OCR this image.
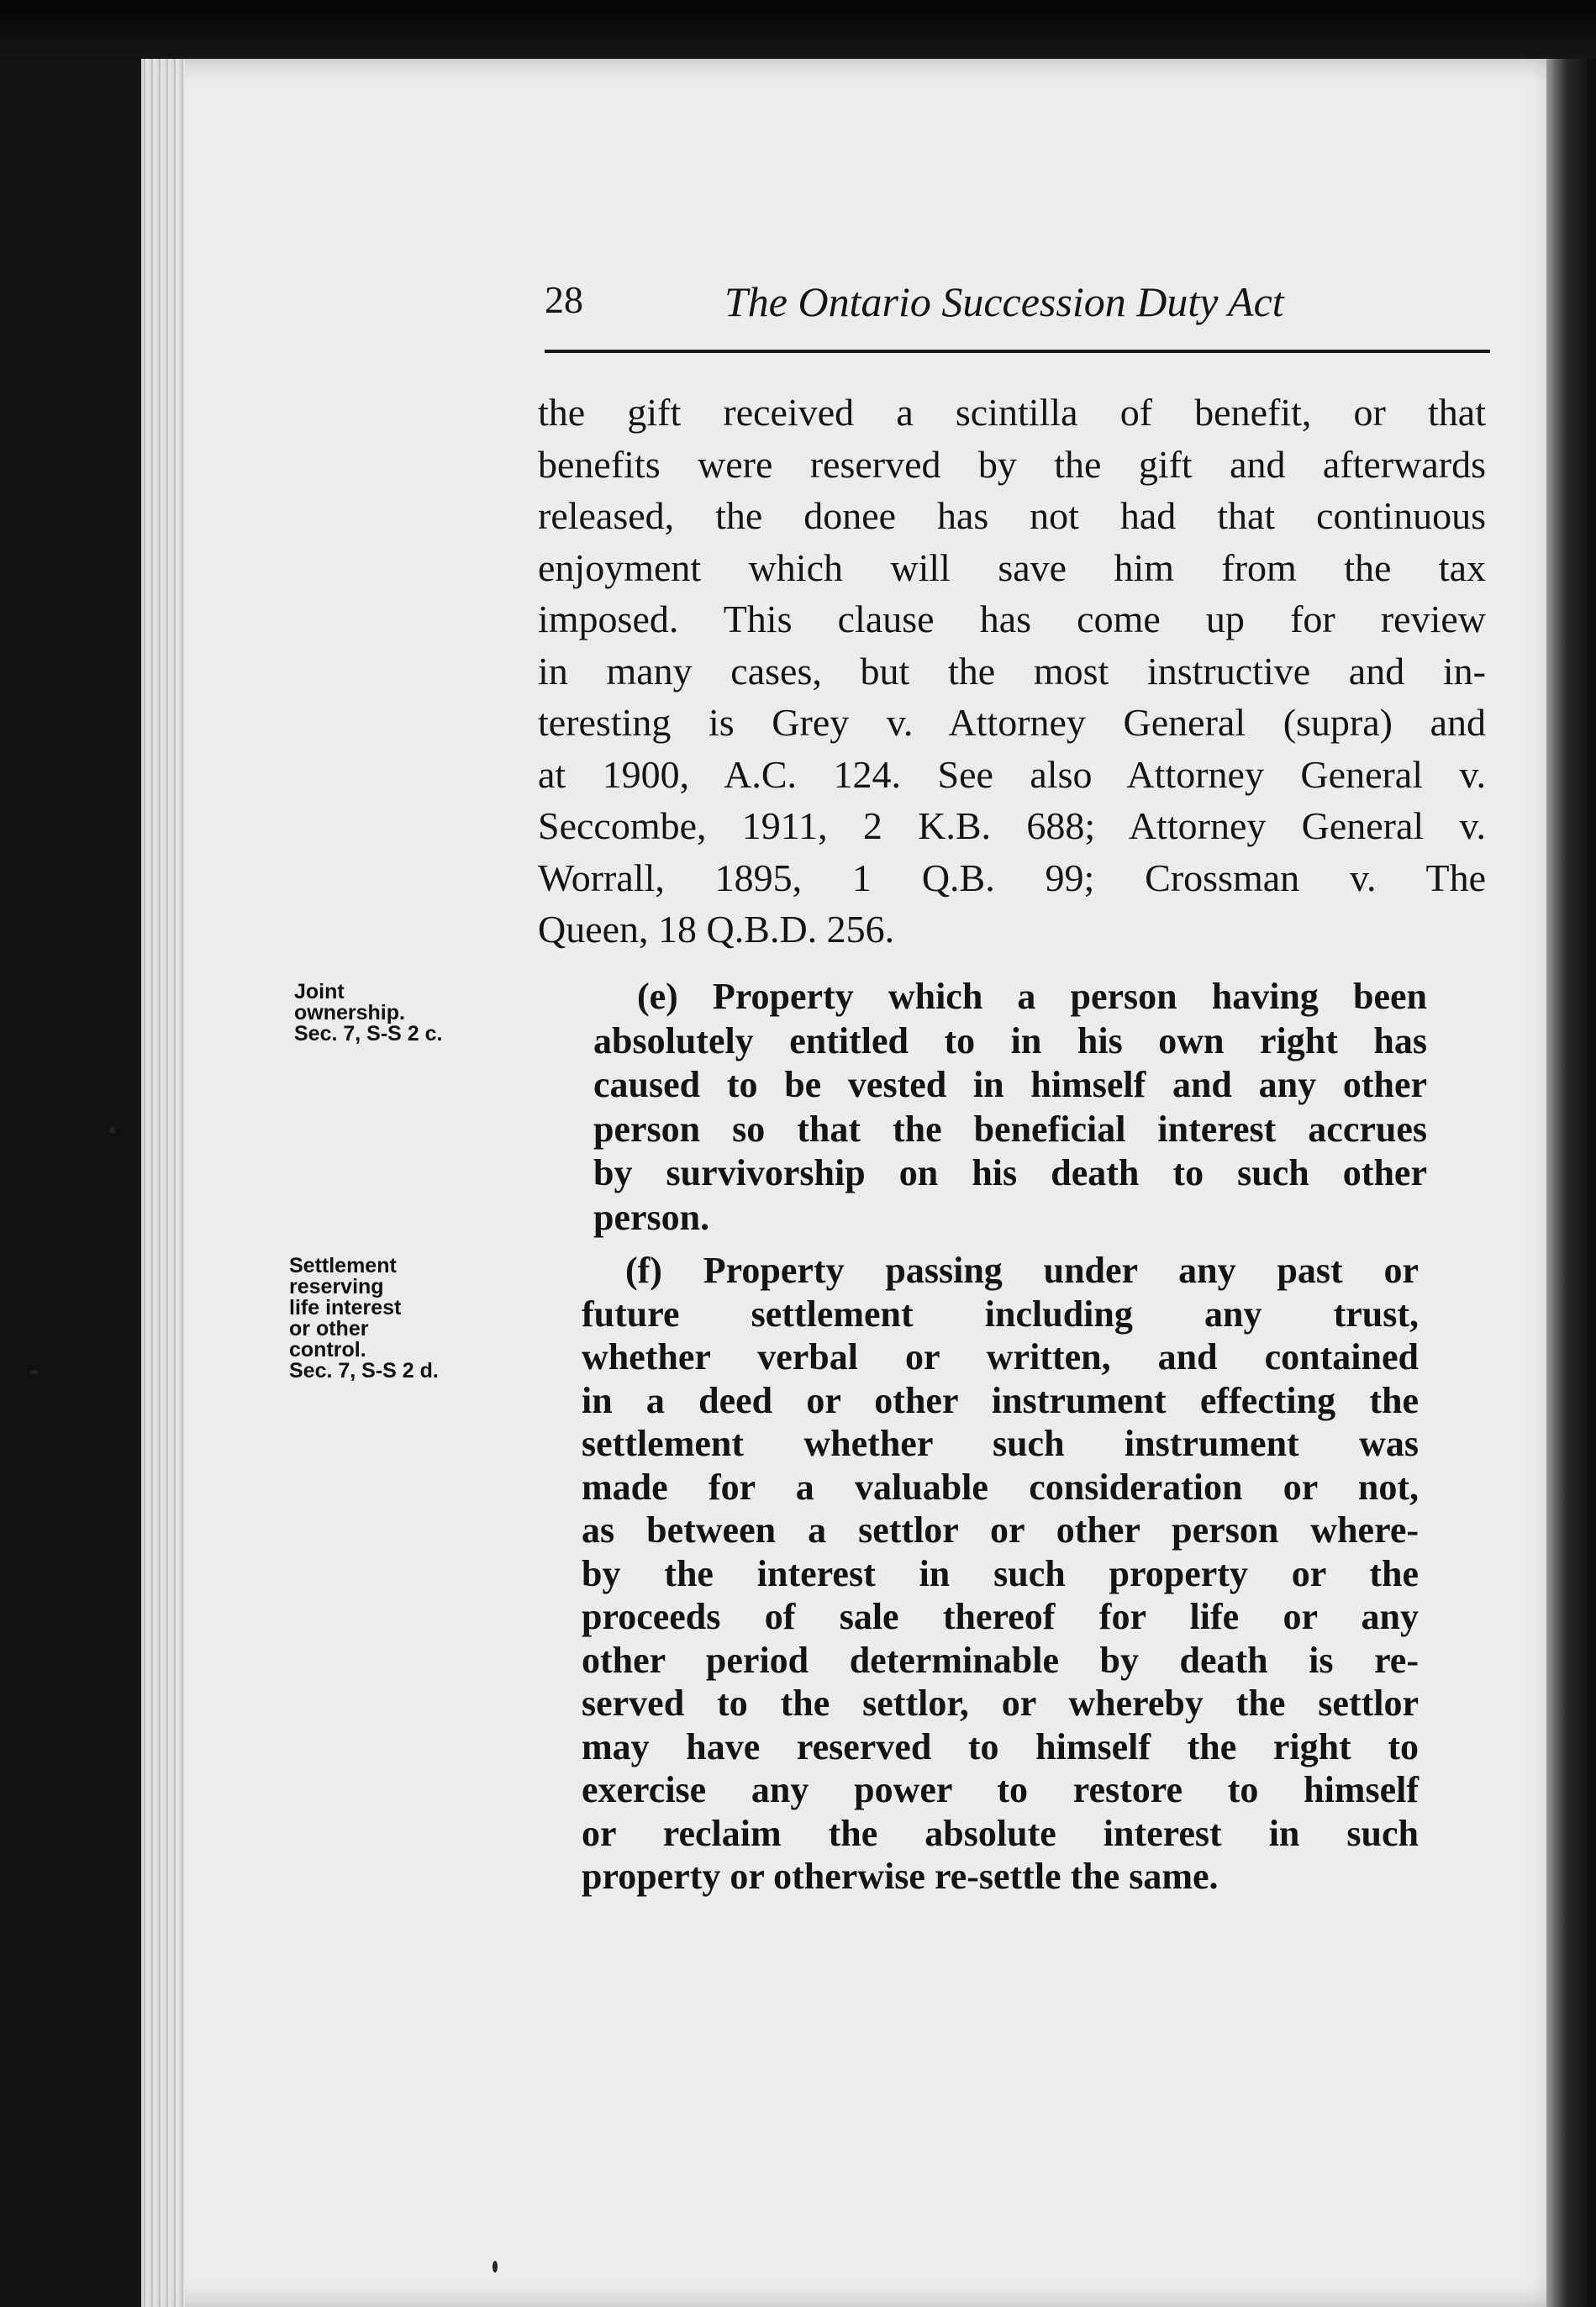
28	The Ontario Succession Duty Act
the gift received a scintilla of benefit, or that
benefits were reserved by the gift and afterwards
released, the donee has not had that continuous
enjoyment which will save him from the tax
imposed. This clause has come up for review
in many cases, but the most instructive and in-
teresting is Grey v. Attorney General (supra) and
at 1900, A.C. 124. See also Attorney General v.
Seccombe, 1911, 2 K.B. 688; Attorney General v.
Worrall, 1895, 1 Q.B. 99; Crossman v. The
Queen, 18 Q.B.D. 256.
Joint
ownership.
Sec. 7, S-S 2 c.
(e) Property which a person having been
absolutely entitled to in his own right has
caused to be vested in himself and any other
person so that the beneficial interest accrues
by survivorship on his death to such other
person.
Settlement
reserving
life interest
or other
control.
Sec. 7, S-S 2 d.
(f) Property passing under any past or
future settlement including any trust,
whether verbal or written, and contained
in a deed or other instrument effecting the
settlement whether such instrument was
made for a valuable consideration or not,
as between a settlor or other person where-
by the interest in such property or the
proceeds of sale thereof for life or any
other period determinable by death is re-
served to the settlor, or whereby the settlor
may have reserved to himself the right to
exercise any power to restore to himself
or reclaim the absolute interest in such
property or otherwise re-settle the same.
